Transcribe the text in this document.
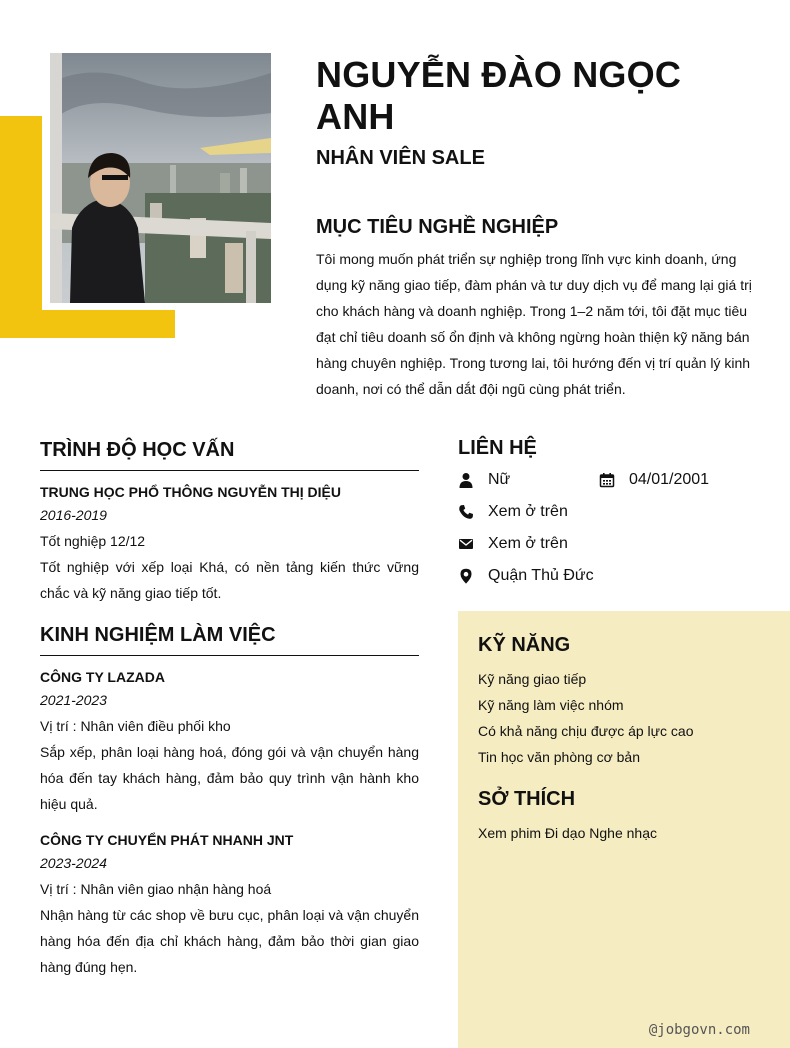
NGUYỄN ĐÀO NGỌC ANH
NHÂN VIÊN SALE
MỤC TIÊU NGHỀ NGHIỆP
Tôi mong muốn phát triển sự nghiệp trong lĩnh vực kinh doanh, ứng dụng kỹ năng giao tiếp, đàm phán và tư duy dịch vụ để mang lại giá trị cho khách hàng và doanh nghiệp. Trong 1–2 năm tới, tôi đặt mục tiêu đạt chỉ tiêu doanh số ổn định và không ngừng hoàn thiện kỹ năng bán hàng chuyên nghiệp. Trong tương lai, tôi hướng đến vị trí quản lý kinh doanh, nơi có thể dẫn dắt đội ngũ cùng phát triển.
TRÌNH ĐỘ HỌC VẤN
TRUNG HỌC PHỔ THÔNG NGUYỄN THỊ DIỆU
2016-2019
Tốt nghiệp 12/12
Tốt nghiệp với xếp loại Khá, có nền tảng kiến thức vững chắc và kỹ năng giao tiếp tốt.
KINH NGHIỆM LÀM VIỆC
CÔNG TY LAZADA
2021-2023
Vị trí : Nhân viên điều phối kho
Sắp xếp, phân loại hàng hoá, đóng gói và vận chuyển hàng hóa đến tay khách hàng, đảm bảo quy trình vận hành kho hiệu quả.
CÔNG TY CHUYỂN PHÁT NHANH JNT
2023-2024
Vị trí : Nhân viên giao nhận hàng hoá
Nhận hàng từ các shop về bưu cục, phân loại và vận chuyển hàng hóa đến địa chỉ khách hàng, đảm bảo thời gian giao hàng đúng hẹn.
LIÊN HỆ
Nữ	04/01/2001
Xem ở trên
Xem ở trên
Quận Thủ Đức
KỸ NĂNG
Kỹ năng giao tiếp
Kỹ năng làm việc nhóm
Có khả năng chịu được áp lực cao
Tin học văn phòng cơ bản
SỞ THÍCH
Xem phim Đi dạo Nghe nhạc
@jobgovn.com
